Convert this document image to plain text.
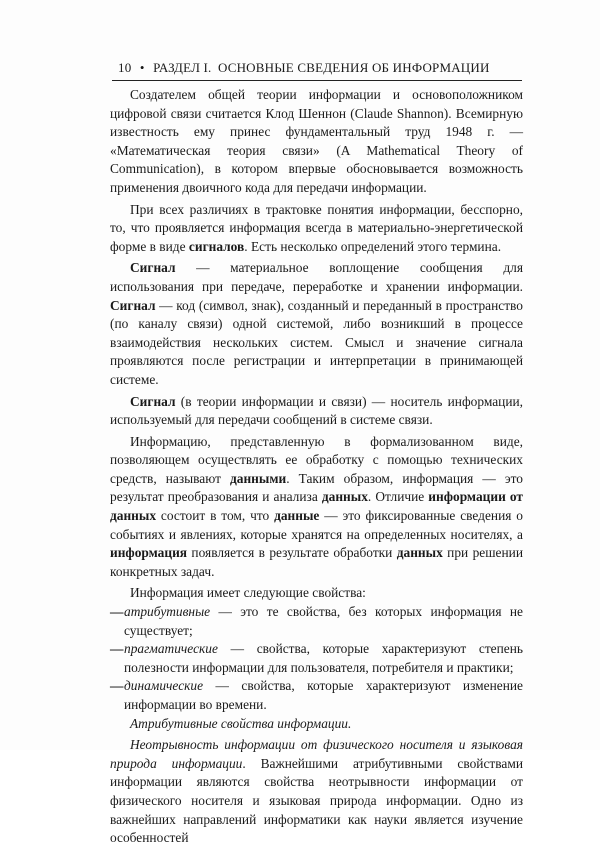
10 • РАЗДЕЛ I. ОСНОВНЫЕ СВЕДЕНИЯ ОБ ИНФОРМАЦИИ

Создателем общей теории информации и основоположником цифровой связи считается Клод Шеннон (Claude Shannon). Всемирную известность ему принес фундаментальный труд 1948 г. — «Математическая теория связи» (A Mathematical Theory of Communication), в котором впервые обосновывается возможность применения двоичного кода для передачи информации.

При всех различиях в трактовке понятия информации, бесспорно, то, что проявляется информация всегда в материально-энергетической форме в виде сигналов. Есть несколько определений этого термина.

Сигнал — материальное воплощение сообщения для использования при передаче, переработке и хранении информации. Сигнал — код (символ, знак), созданный и переданный в пространство (по каналу связи) одной системой, либо возникший в процессе взаимодействия нескольких систем. Смысл и значение сигнала проявляются после регистрации и интерпретации в принимающей системе.

Сигнал (в теории информации и связи) — носитель информации, используемый для передачи сообщений в системе связи.

Информацию, представленную в формализованном виде, позволяющем осуществлять ее обработку с помощью технических средств, называют данными. Таким образом, информация — это результат преобразования и анализа данных. Отличие информации от данных состоит в том, что данные — это фиксированные сведения о событиях и явлениях, которые хранятся на определенных носителях, а информация появляется в результате обработки данных при решении конкретных задач.

Информация имеет следующие свойства:

—атрибутивные — это те свойства, без которых информация не существует;
—прагматические — свойства, которые характеризуют степень полезности информации для пользователя, потребителя и практики;
—динамические — свойства, которые характеризуют изменение информации во времени.

Атрибутивные свойства информации.

Неотрывность информации от физического носителя и языковая природа информации. Важнейшими атрибутивными свойствами информации являются свойства неотрывности информации от физического носителя и языковая природа информации. Одно из важнейших направлений информатики как науки является изучение особенностей
